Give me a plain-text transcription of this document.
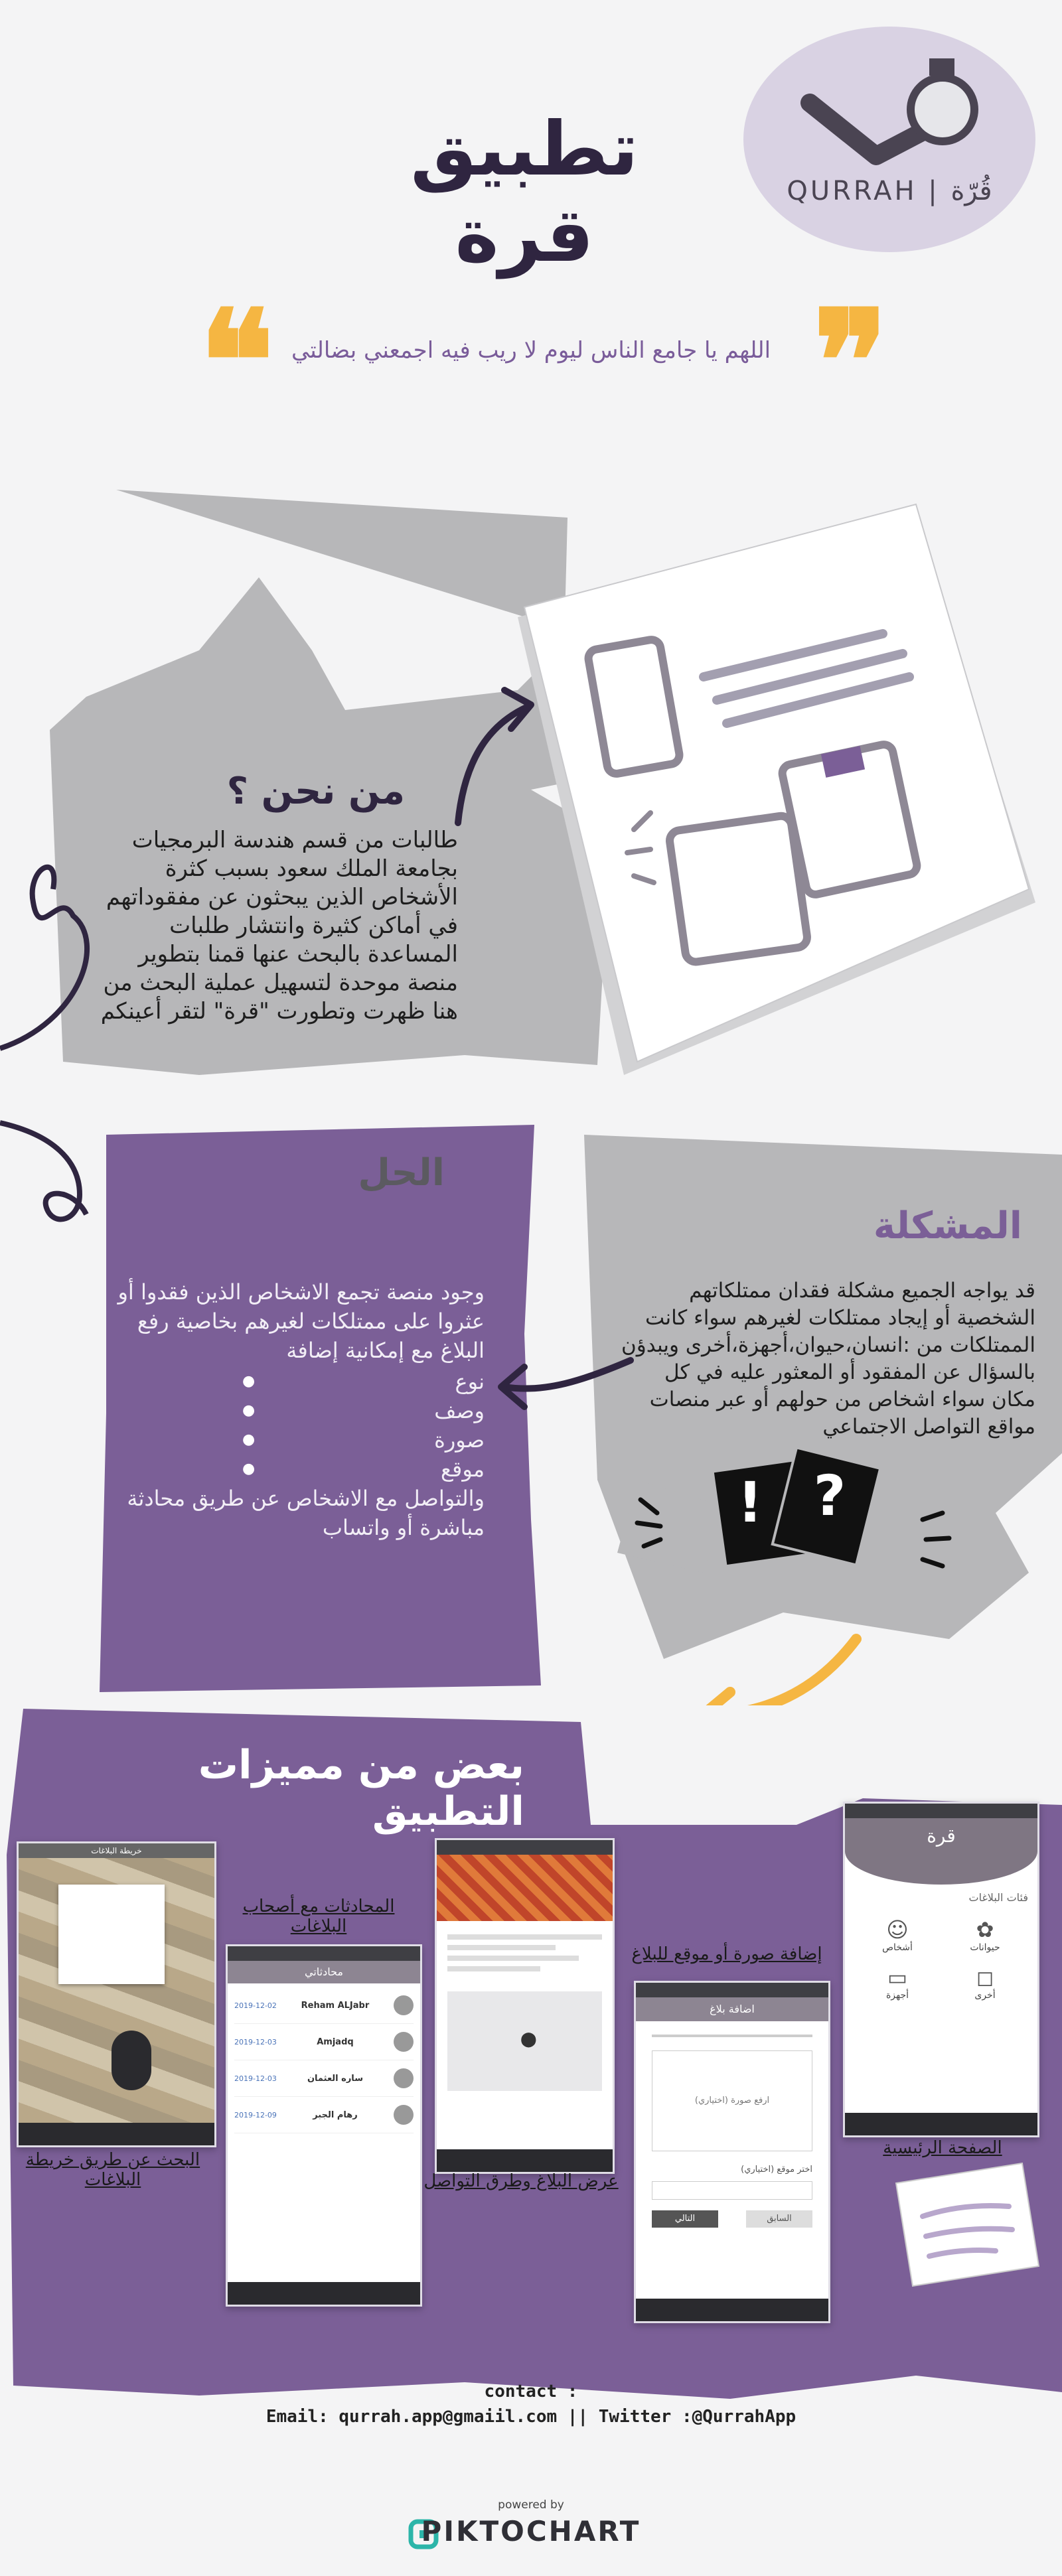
QURRAH | قُرّة
تطبيق قرة
❝	❞
اللهم يا جامع الناس ليوم لا ريب فيه اجمعني بضالتي
من نحن ؟
طالبات من قسم هندسة البرمجيات بجامعة الملك سعود بسبب كثرة الأشخاص الذين يبحثون عن مفقوداتهم في أماكن كثيرة وانتشار طلبات المساعدة بالبحث عنها قمنا بتطوير منصة موحدة لتسهيل عملية البحث من هنا ظهرت وتطورت "قرة" لتقر أعينكم
! ?
الحل
وجود منصة تجمع الاشخاص الذين فقدوا أو عثروا على ممتلكات لغيرهم بخاصية رفع البلاغ مع إمكانية إضافة
نوع ●
وصف ●
صورة ●
موقع ●
والتواصل مع الاشخاص عن طريق محادثة مباشرة أو واتساب
المشكلة
قد يواجه الجميع مشكلة فقدان ممتلكاتهم الشخصية أو إيجاد ممتلكات لغيرهم سواء كانت الممتلكات من :انسان،حيوان،أجهزة،أخرى ويبدؤن بالسؤال عن المفقود أو المعثور عليه في كل مكان سواء اشخاص من حولهم أو عبر منصات مواقع التواصل الاجتماعي
بعض من مميزات التطبيق
قرة
فئات البلاغات
☺
أشخاص
✿
حيوانات
▭
أجهزة
◻
أخرى
الصفحة الرئيسية
إضافة صورة أو موقع للبلاغ
اضافة بلاغ
ارفع صورة (اختياري)
اختر موقع (اختياري)
التالي	السابق
⬤
عرض البلاغ وطرق التواصل
المحادثات مع أصحاب البلاغات
محادثاتي
2019-12-02	Reham ALJabr
2019-12-03	Amjadq
2019-12-03	ساره العثمان
2019-12-09	رهام الجبر
خريطة البلاغات
البحث عن طريق خريطة البلاغات
contact :
Email: qurrah.app@gmaiil.com || Twitter :@QurrahApp
powered by
PIKTOCHART
